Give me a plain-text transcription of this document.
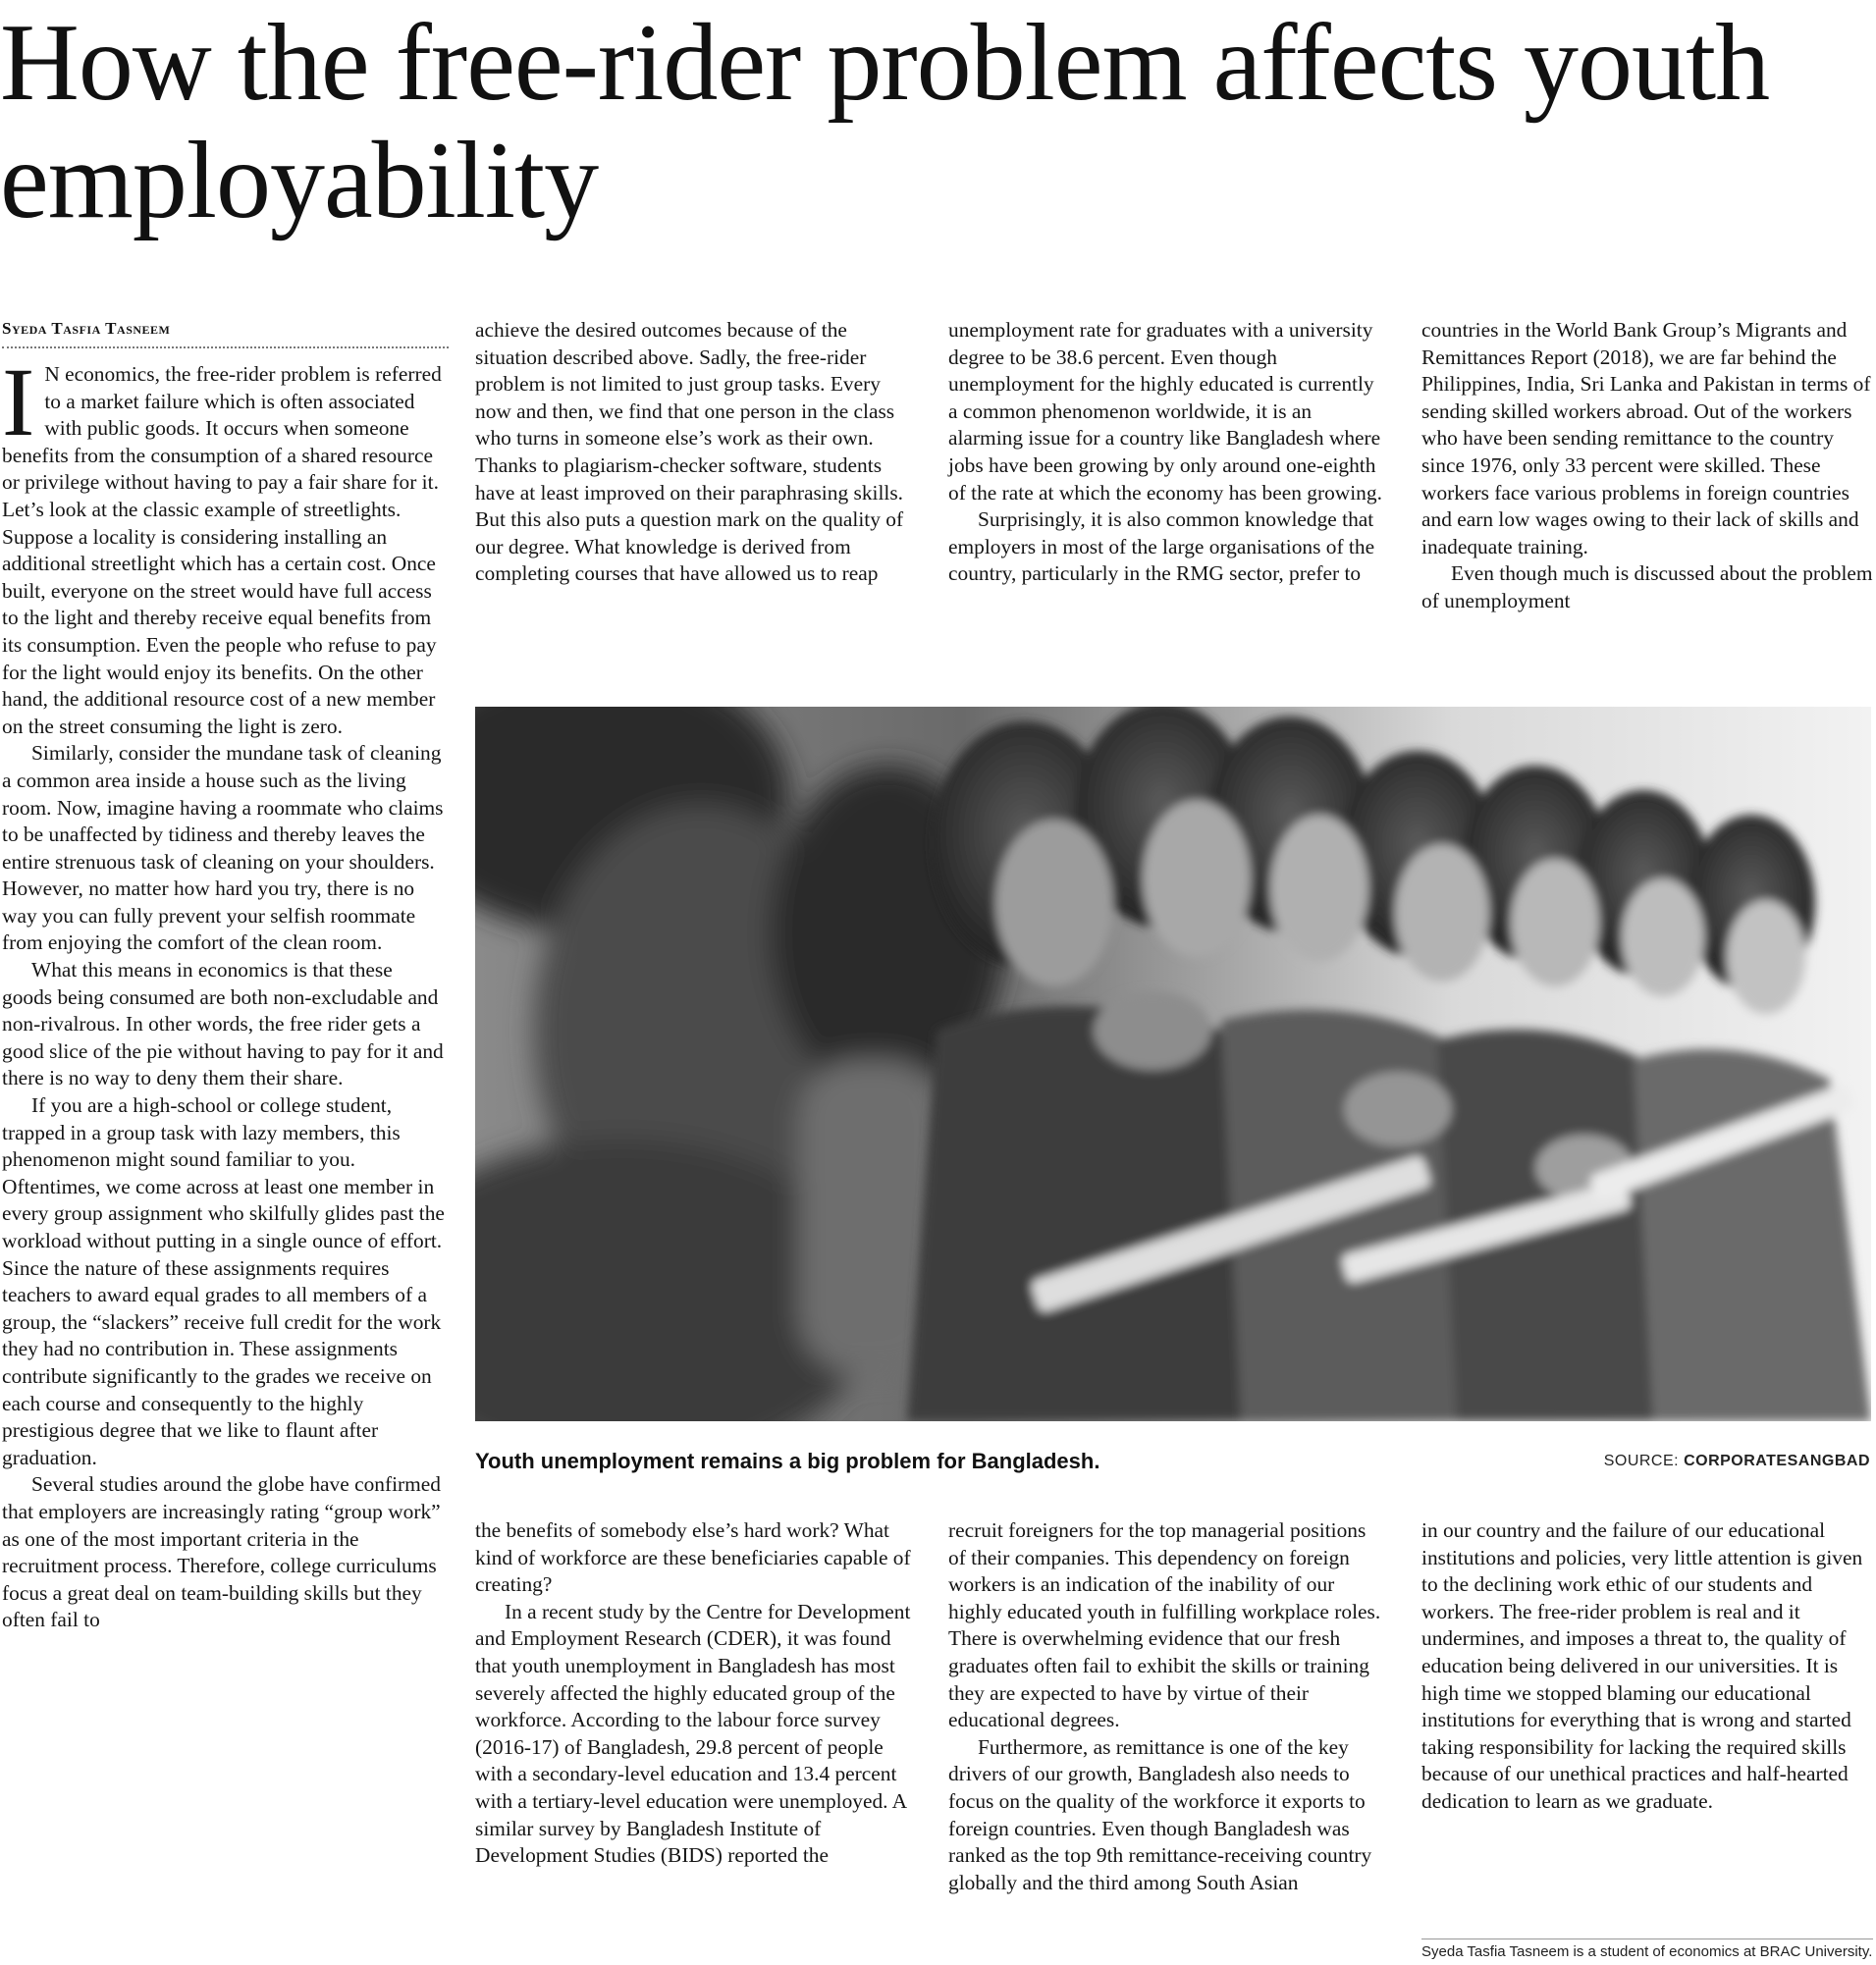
How the free-rider problem affects youth employability
Syeda Tasfia Tasneem

I N economics, the free-rider problem is referred to a market failure which is often associated with public goods. It occurs when someone benefits from the consumption of a shared resource or privilege without having to pay a fair share for it. Let’s look at the classic example of streetlights. Suppose a locality is considering installing an additional streetlight which has a certain cost. Once built, everyone on the street would have full access to the light and thereby receive equal benefits from its consumption. Even the people who refuse to pay for the light would enjoy its benefits. On the other hand, the additional resource cost of a new member on the street consuming the light is zero.

Similarly, consider the mundane task of cleaning a common area inside a house such as the living room. Now, imagine having a roommate who claims to be unaffected by tidiness and thereby leaves the entire strenuous task of cleaning on your shoulders. However, no matter how hard you try, there is no way you can fully prevent your selfish roommate from enjoying the comfort of the clean room.

What this means in economics is that these goods being consumed are both non-excludable and non-rivalrous. In other words, the free rider gets a good slice of the pie without having to pay for it and there is no way to deny them their share.

If you are a high-school or college student, trapped in a group task with lazy members, this phenomenon might sound familiar to you. Oftentimes, we come across at least one member in every group assignment who skilfully glides past the workload without putting in a single ounce of effort. Since the nature of these assignments requires teachers to award equal grades to all members of a group, the “slackers” receive full credit for the work they had no contribution in. These assignments contribute significantly to the grades we receive on each course and consequently to the highly prestigious degree that we like to flaunt after graduation.

Several studies around the globe have confirmed that employers are increasingly rating “group work” as one of the most important criteria in the recruitment process. Therefore, college curriculums focus a great deal on team-building skills but they often fail to

achieve the desired outcomes because of the situation described above. Sadly, the free-rider problem is not limited to just group tasks. Every now and then, we find that one person in the class who turns in someone else’s work as their own. Thanks to plagiarism-checker software, students have at least improved on their paraphrasing skills. But this also puts a question mark on the quality of our degree. What knowledge is derived from completing courses that have allowed us to reap

unemployment rate for graduates with a university degree to be 38.6 percent. Even though unemployment for the highly educated is currently a common phenomenon worldwide, it is an alarming issue for a country like Bangladesh where jobs have been growing by only around one-eighth of the rate at which the economy has been growing.

Surprisingly, it is also common knowledge that employers in most of the large organisations of the country, particularly in the RMG sector, prefer to

countries in the World Bank Group’s Migrants and Remittances Report (2018), we are far behind the Philippines, India, Sri Lanka and Pakistan in terms of sending skilled workers abroad. Out of the workers who have been sending remittance to the country since 1976, only 33 percent were skilled. These workers face various problems in foreign countries and earn low wages owing to their lack of skills and inadequate training.

Even though much is discussed about the problem of unemployment

Youth unemployment remains a big problem for Bangladesh.	SOURCE: CORPORATESANGBAD

the benefits of somebody else’s hard work? What kind of workforce are these beneficiaries capable of creating?

In a recent study by the Centre for Development and Employment Research (CDER), it was found that youth unemployment in Bangladesh has most severely affected the highly educated group of the workforce. According to the labour force survey (2016-17) of Bangladesh, 29.8 percent of people with a secondary-level education and 13.4 percent with a tertiary-level education were unemployed. A similar survey by Bangladesh Institute of Development Studies (BIDS) reported the

recruit foreigners for the top managerial positions of their companies. This dependency on foreign workers is an indication of the inability of our highly educated youth in fulfilling workplace roles. There is overwhelming evidence that our fresh graduates often fail to exhibit the skills or training they are expected to have by virtue of their educational degrees.

Furthermore, as remittance is one of the key drivers of our growth, Bangladesh also needs to focus on the quality of the workforce it exports to foreign countries. Even though Bangladesh was ranked as the top 9th remittance-receiving country globally and the third among South Asian

in our country and the failure of our educational institutions and policies, very little attention is given to the declining work ethic of our students and workers. The free-rider problem is real and it undermines, and imposes a threat to, the quality of education being delivered in our universities. It is high time we stopped blaming our educational institutions for everything that is wrong and started taking responsibility for lacking the required skills because of our unethical practices and half-hearted dedication to learn as we graduate.

Syeda Tasfia Tasneem is a student of economics at BRAC University.
